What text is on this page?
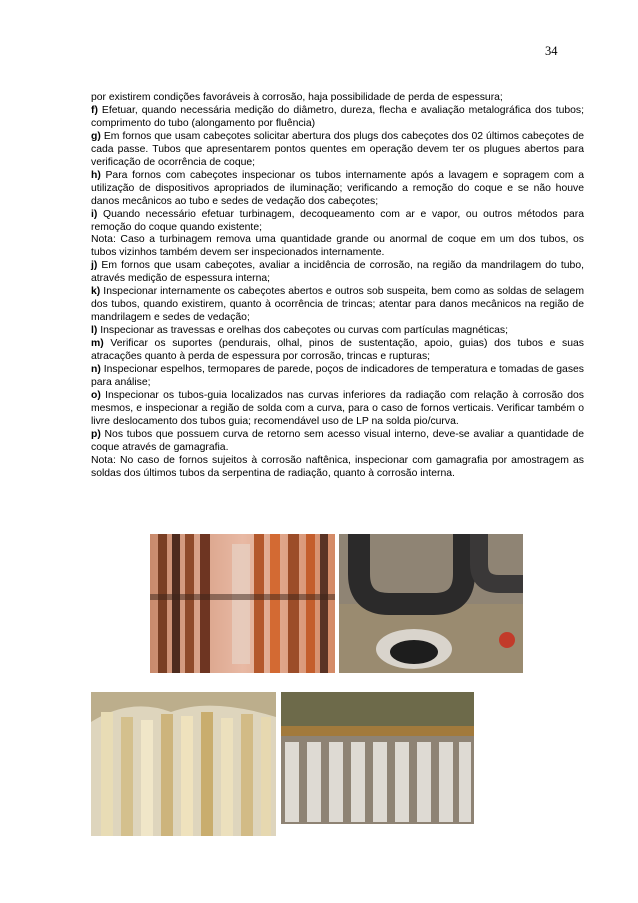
34

por existirem condições favoráveis à corrosão, haja possibilidade de perda de espessura;

f) Efetuar, quando necessária medição do diâmetro, dureza, flecha e avaliação metalográfica dos tubos; comprimento do tubo (alongamento por fluência)

g) Em fornos que usam cabeçotes solicitar abertura dos plugs dos cabeçotes dos 02 últimos cabeçotes de cada passe. Tubos que apresentarem pontos quentes em operação devem ter os plugues abertos para verificação de ocorrência de coque;

h) Para fornos com cabeçotes inspecionar os tubos internamente após a lavagem e sopragem com a utilização de dispositivos apropriados de iluminação; verificando a remoção do coque e se não houve danos mecânicos ao tubo e sedes de vedação dos cabeçotes;

i) Quando necessário efetuar turbinagem, decoqueamento com ar e vapor, ou outros métodos para remoção do coque quando existente;

Nota: Caso a turbinagem remova uma quantidade grande ou anormal de coque em um dos tubos, os tubos vizinhos também devem ser inspecionados internamente.

j) Em fornos que usam cabeçotes, avaliar a incidência de corrosão, na região da mandrilagem do tubo, através medição de espessura interna;

k) Inspecionar internamente os cabeçotes abertos e outros sob suspeita, bem como as soldas de selagem dos tubos, quando existirem, quanto à ocorrência de trincas; atentar para danos mecânicos na região de mandrilagem e sedes de vedação;

l) Inspecionar as travessas e orelhas dos cabeçotes ou curvas com partículas magnéticas;

m) Verificar os suportes (pendurais, olhal, pinos de sustentação, apoio, guias) dos tubos e suas atracações quanto à perda de espessura por corrosão, trincas e rupturas;

n) Inspecionar espelhos, termopares de parede, poços de indicadores de temperatura e tomadas de gases para análise;

o) Inspecionar os tubos-guia localizados nas curvas inferiores da radiação com relação à corrosão dos mesmos, e inspecionar a região de solda com a curva, para o caso de fornos verticais. Verificar também o livre deslocamento dos tubos guia; recomendável uso de LP na solda pio/curva.

p) Nos tubos que possuem curva de retorno sem acesso visual interno, deve-se avaliar a quantidade de coque através de gamagrafia.

Nota: No caso de fornos sujeitos à corrosão naftênica, inspecionar com gamagrafia por amostragem as soldas dos últimos tubos da serpentina de radiação, quanto à corrosão interna.
